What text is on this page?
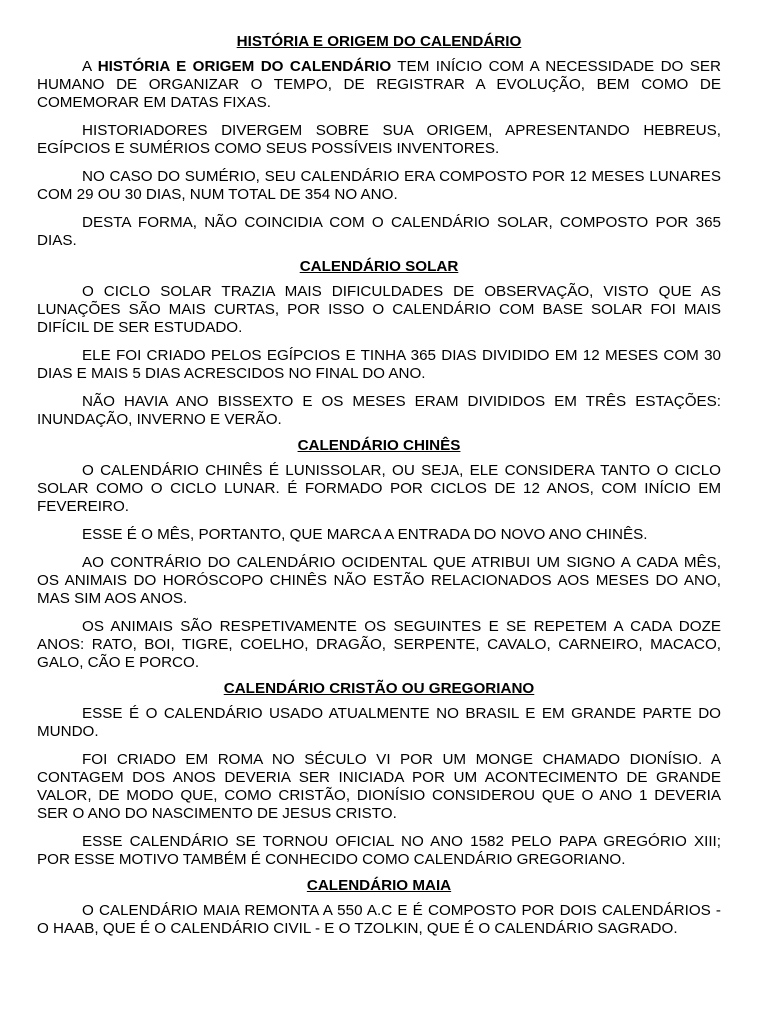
HISTÓRIA E ORIGEM DO CALENDÁRIO

A HISTÓRIA E ORIGEM DO CALENDÁRIO TEM INÍCIO COM A NECESSIDADE DO SER HUMANO DE ORGANIZAR O TEMPO, DE REGISTRAR A EVOLUÇÃO, BEM COMO DE COMEMORAR EM DATAS FIXAS.

HISTORIADORES DIVERGEM SOBRE SUA ORIGEM, APRESENTANDO HEBREUS, EGÍPCIOS E SUMÉRIOS COMO SEUS POSSÍVEIS INVENTORES.

NO CASO DO SUMÉRIO, SEU CALENDÁRIO ERA COMPOSTO POR 12 MESES LUNARES COM 29 OU 30 DIAS, NUM TOTAL DE 354 NO ANO.

DESTA FORMA, NÃO COINCIDIA COM O CALENDÁRIO SOLAR, COMPOSTO POR 365 DIAS.

CALENDÁRIO SOLAR

O CICLO SOLAR TRAZIA MAIS DIFICULDADES DE OBSERVAÇÃO, VISTO QUE AS LUNAÇÕES SÃO MAIS CURTAS, POR ISSO O CALENDÁRIO COM BASE SOLAR FOI MAIS DIFÍCIL DE SER ESTUDADO.

ELE FOI CRIADO PELOS EGÍPCIOS E TINHA 365 DIAS DIVIDIDO EM 12 MESES COM 30 DIAS E MAIS 5 DIAS ACRESCIDOS NO FINAL DO ANO.

NÃO HAVIA ANO BISSEXTO E OS MESES ERAM DIVIDIDOS EM TRÊS ESTAÇÕES: INUNDAÇÃO, INVERNO E VERÃO.

CALENDÁRIO CHINÊS

O CALENDÁRIO CHINÊS É LUNISSOLAR, OU SEJA, ELE CONSIDERA TANTO O CICLO SOLAR COMO O CICLO LUNAR. É FORMADO POR CICLOS DE 12 ANOS, COM INÍCIO EM FEVEREIRO.

ESSE É O MÊS, PORTANTO, QUE MARCA A ENTRADA DO NOVO ANO CHINÊS.

AO CONTRÁRIO DO CALENDÁRIO OCIDENTAL QUE ATRIBUI UM SIGNO A CADA MÊS, OS ANIMAIS DO HORÓSCOPO CHINÊS NÃO ESTÃO RELACIONADOS AOS MESES DO ANO, MAS SIM AOS ANOS.

OS ANIMAIS SÃO RESPETIVAMENTE OS SEGUINTES E SE REPETEM A CADA DOZE ANOS: RATO, BOI, TIGRE, COELHO, DRAGÃO, SERPENTE, CAVALO, CARNEIRO, MACACO, GALO, CÃO E PORCO.

CALENDÁRIO CRISTÃO OU GREGORIANO

ESSE É O CALENDÁRIO USADO ATUALMENTE NO BRASIL E EM GRANDE PARTE DO MUNDO.

FOI CRIADO EM ROMA NO SÉCULO VI POR UM MONGE CHAMADO DIONÍSIO. A CONTAGEM DOS ANOS DEVERIA SER INICIADA POR UM ACONTECIMENTO DE GRANDE VALOR, DE MODO QUE, COMO CRISTÃO, DIONÍSIO CONSIDEROU QUE O ANO 1 DEVERIA SER O ANO DO NASCIMENTO DE JESUS CRISTO.

ESSE CALENDÁRIO SE TORNOU OFICIAL NO ANO 1582 PELO PAPA GREGÓRIO XIII; POR ESSE MOTIVO TAMBÉM É CONHECIDO COMO CALENDÁRIO GREGORIANO.

CALENDÁRIO MAIA

O CALENDÁRIO MAIA REMONTA A 550 A.C E É COMPOSTO POR DOIS CALENDÁRIOS - O HAAB, QUE É O CALENDÁRIO CIVIL - E O TZOLKIN, QUE É O CALENDÁRIO SAGRADO.
